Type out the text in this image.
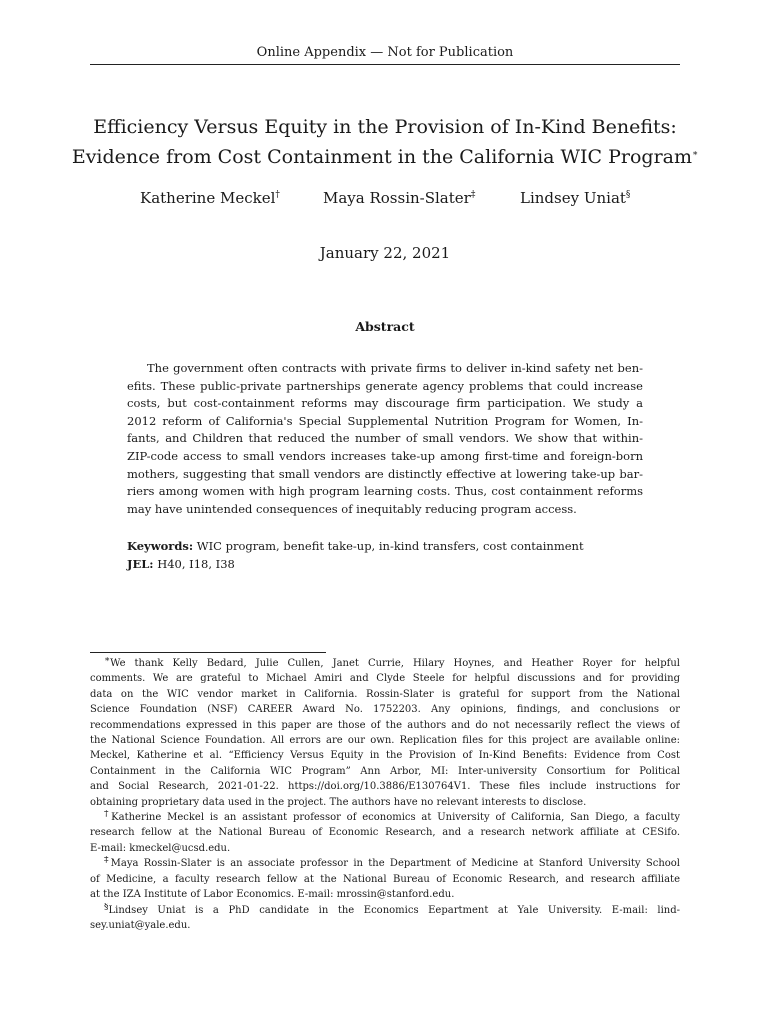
Online Appendix — Not for Publication
Efficiency Versus Equity in the Provision of In-Kind Benefits:
Evidence from Cost Containment in the California WIC Program∗
Katherine Meckel†	Maya Rossin-Slater‡	Lindsey Uniat§
January 22, 2021
Abstract

The government often contracts with private firms to deliver in-kind safety net ben-
efits. These public-private partnerships generate agency problems that could increase
costs, but cost-containment reforms may discourage firm participation. We study a
2012 reform of California's Special Supplemental Nutrition Program for Women, In-
fants, and Children that reduced the number of small vendors. We show that within-
ZIP-code access to small vendors increases take-up among first-time and foreign-born
mothers, suggesting that small vendors are distinctly effective at lowering take-up bar-
riers among women with high program learning costs. Thus, cost containment reforms
may have unintended consequences of inequitably reducing program access.

Keywords: WIC program, benefit take-up, in-kind transfers, cost containment
JEL: H40, I18, I38
∗We thank Kelly Bedard, Julie Cullen, Janet Currie, Hilary Hoynes, and Heather Royer for helpful
comments. We are grateful to Michael Amiri and Clyde Steele for helpful discussions and for providing
data on the WIC vendor market in California. Rossin-Slater is grateful for support from the National
Science Foundation (NSF) CAREER Award No. 1752203. Any opinions, findings, and conclusions or
recommendations expressed in this paper are those of the authors and do not necessarily reflect the views of
the National Science Foundation. All errors are our own. Replication files for this project are available online:
Meckel, Katherine et al. “Efficiency Versus Equity in the Provision of In-Kind Benefits: Evidence from Cost
Containment in the California WIC Program” Ann Arbor, MI: Inter-university Consortium for Political
and Social Research, 2021-01-22. https://doi.org/10.3886/E130764V1. These files include instructions for
obtaining proprietary data used in the project. The authors have no relevant interests to disclose.
†Katherine Meckel is an assistant professor of economics at University of California, San Diego, a faculty
research fellow at the National Bureau of Economic Research, and a research network affiliate at CESifo.
E-mail: kmeckel@ucsd.edu.
‡Maya Rossin-Slater is an associate professor in the Department of Medicine at Stanford University School
of Medicine, a faculty research fellow at the National Bureau of Economic Research, and research affiliate
at the IZA Institute of Labor Economics. E-mail: mrossin@stanford.edu.
§Lindsey Uniat is a PhD candidate in the Economics Eepartment at Yale University. E-mail: lind-
sey.uniat@yale.edu.
